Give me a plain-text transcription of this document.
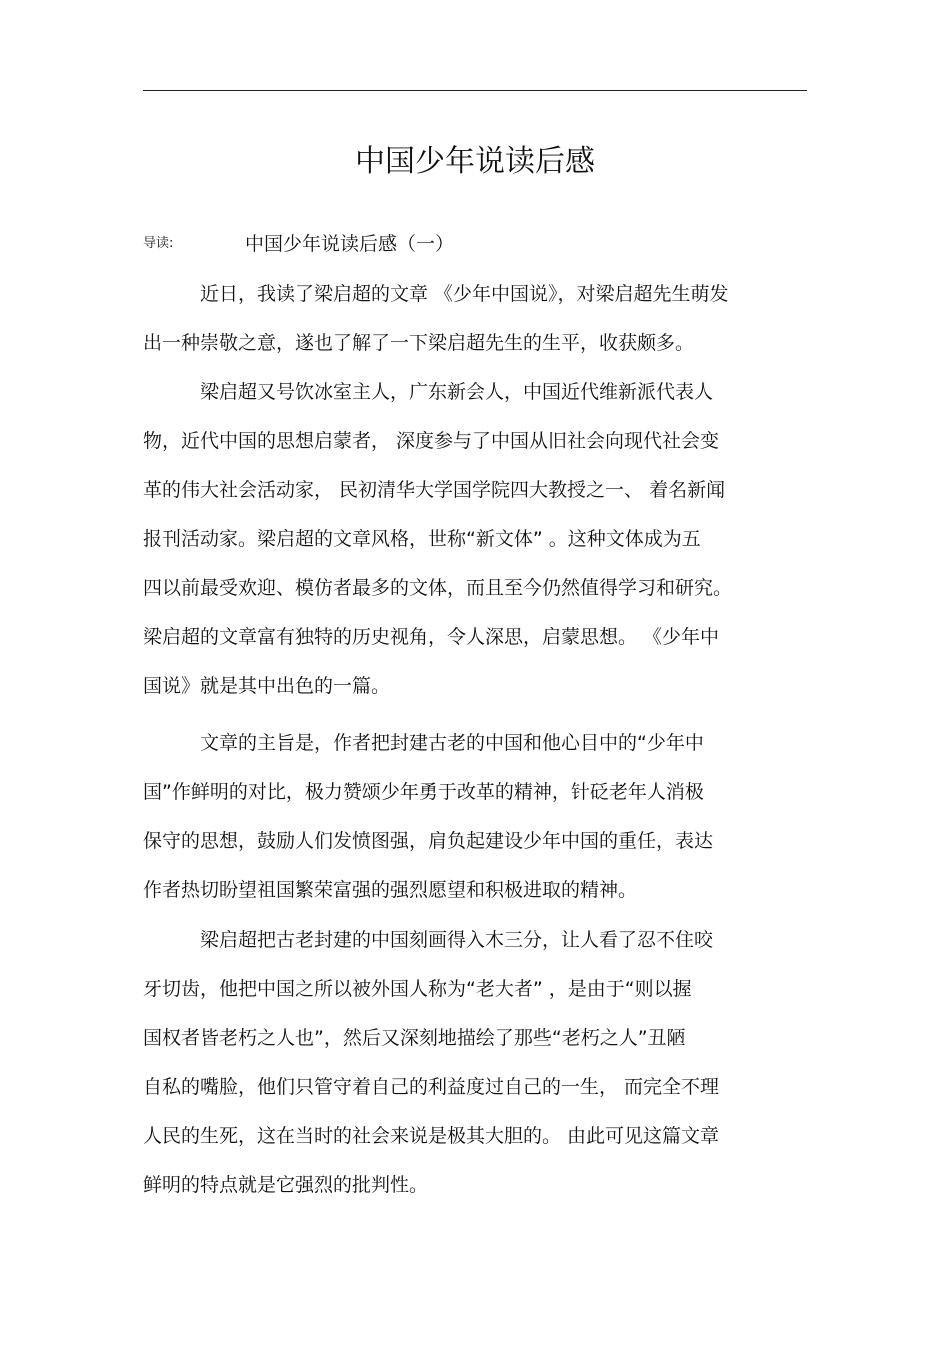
中国少年说读后感
导读:	中国少年说读后感（一）
近日，我读了梁启超的文章 《少年中国说》，对梁启超先生萌发
出一种崇敬之意，遂也了解了一下梁启超先生的生平，收获颇多。
梁启超又号饮冰室主人，广东新会人，中国近代维新派代表人
物，近代中国的思想启蒙者， 深度参与了中国从旧社会向现代社会变
革的伟大社会活动家， 民初清华大学国学院四大教授之一、 着名新闻
报刊活动家。梁启超的文章风格，世称“新文体” 。这种文体成为五
四以前最受欢迎、模仿者最多的文体，而且至今仍然值得学习和研究。
梁启超的文章富有独特的历史视角，令人深思，启蒙思想。 《少年中
国说》就是其中出色的一篇。
文章的主旨是，作者把封建古老的中国和他心目中的“少年中
国”作鲜明的对比，极力赞颂少年勇于改革的精神，针砭老年人消极
保守的思想，鼓励人们发愤图强，肩负起建设少年中国的重任，表达
作者热切盼望祖国繁荣富强的强烈愿望和积极进取的精神。
梁启超把古老封建的中国刻画得入木三分，让人看了忍不住咬
牙切齿，他把中国之所以被外国人称为“老大者” ，是由于“则以握
国权者皆老朽之人也”，然后又深刻地描绘了那些“老朽之人”丑陋
自私的嘴脸，他们只管守着自己的利益度过自己的一生， 而完全不理
人民的生死，这在当时的社会来说是极其大胆的。 由此可见这篇文章
鲜明的特点就是它强烈的批判性。
